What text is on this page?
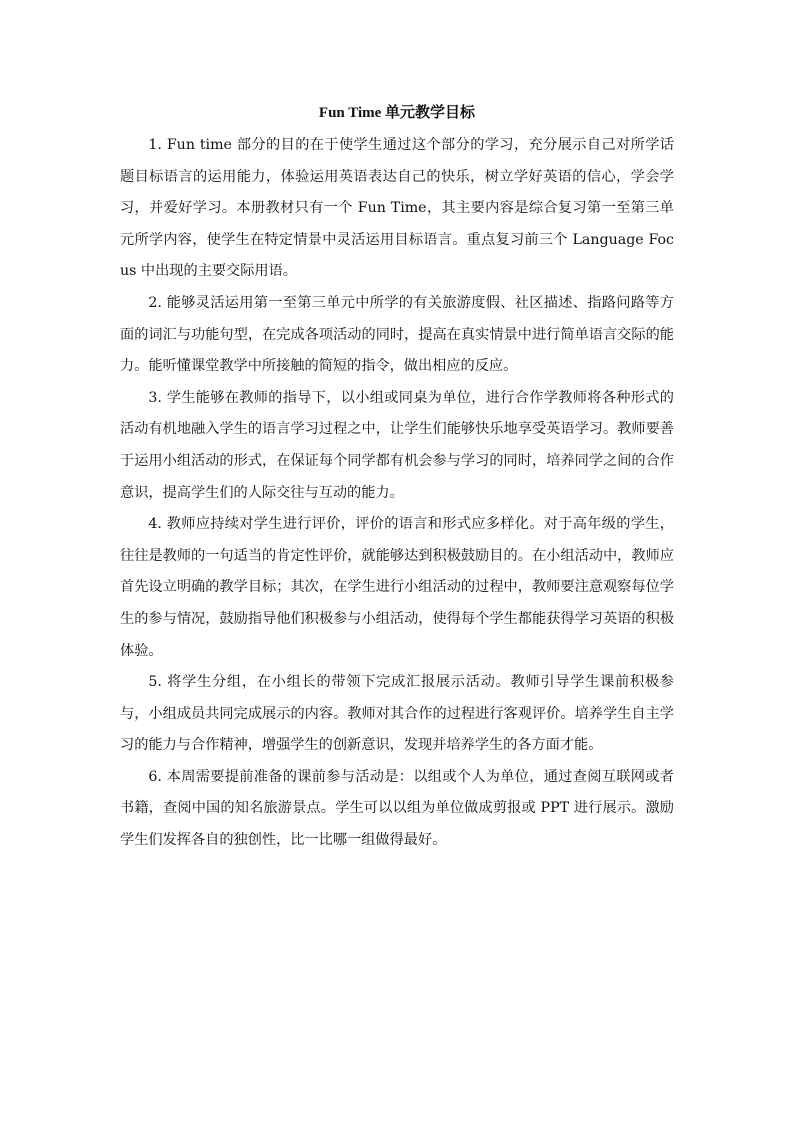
Fun Time 单元教学目标

1. Fun time 部分的目的在于使学生通过这个部分的学习，充分展示自己对所学话题目标语言的运用能力，体验运用英语表达自己的快乐，树立学好英语的信心，学会学习，并爱好学习。本册教材只有一个 Fun Time，其主要内容是综合复习第一至第三单元所学内容，使学生在特定情景中灵活运用目标语言。重点复习前三个 Language Focus 中出现的主要交际用语。

2. 能够灵活运用第一至第三单元中所学的有关旅游度假、社区描述、指路问路等方面的词汇与功能句型，在完成各项活动的同时，提高在真实情景中进行简单语言交际的能力。能听懂课堂教学中所接触的简短的指令，做出相应的反应。

3. 学生能够在教师的指导下，以小组或同桌为单位，进行合作学教师将各种形式的活动有机地融入学生的语言学习过程之中，让学生们能够快乐地享受英语学习。教师要善于运用小组活动的形式，在保证每个同学都有机会参与学习的同时，培养同学之间的合作意识，提高学生们的人际交往与互动的能力。

4. 教师应持续对学生进行评价，评价的语言和形式应多样化。对于高年级的学生，往往是教师的一句适当的肯定性评价，就能够达到积极鼓励目的。在小组活动中，教师应首先设立明确的教学目标；其次，在学生进行小组活动的过程中，教师要注意观察每位学生的参与情况，鼓励指导他们积极参与小组活动，使得每个学生都能获得学习英语的积极体验。

5. 将学生分组，在小组长的带领下完成汇报展示活动。教师引导学生课前积极参与，小组成员共同完成展示的内容。教师对其合作的过程进行客观评价。培养学生自主学习的能力与合作精神，增强学生的创新意识，发现并培养学生的各方面才能。

6. 本周需要提前准备的课前参与活动是：以组或个人为单位，通过查阅互联网或者书籍，查阅中国的知名旅游景点。学生可以以组为单位做成剪报或 PPT 进行展示。激励学生们发挥各自的独创性，比一比哪一组做得最好。
